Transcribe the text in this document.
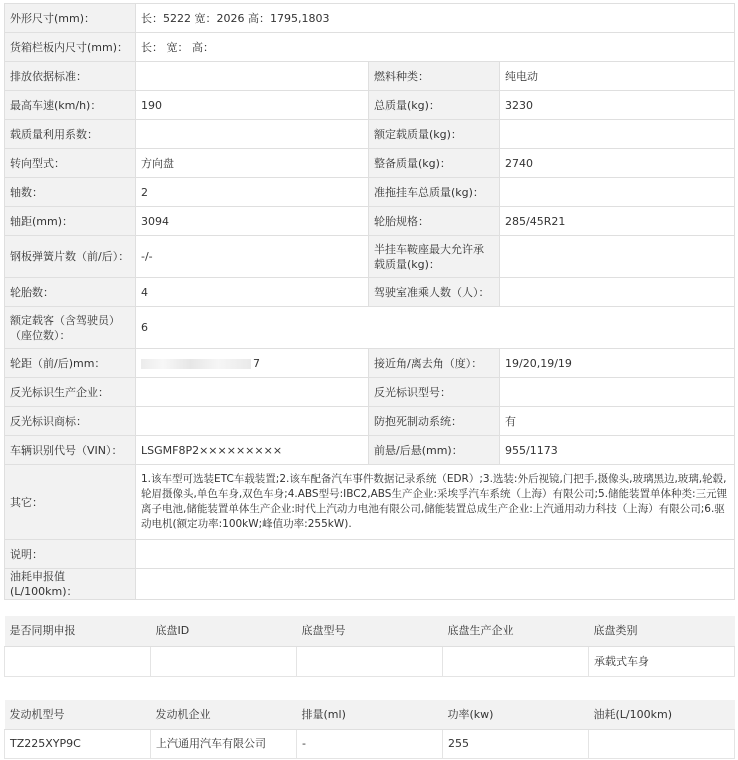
外形尺寸(mm)：	长：5222 宽：2026 高：1795,1803		
货箱栏板内尺寸(mm)：	长： 宽： 高：		
排放依据标准：		燃料种类：	纯电动
最高车速(km/h)：	190	总质量(kg)：	3230
载质量利用系数：		额定载质量(kg)：	
转向型式：	方向盘	整备质量(kg)：	2740
轴数：	2	准拖挂车总质量(kg)：	
轴距(mm)：	3094	轮胎规格：	285/45R21
钢板弹簧片数（前/后）：	-/-	半挂车鞍座最大允许承载质量(kg)：	
轮胎数：	4	驾驶室准乘人数（人）：	
额定载客（含驾驶员）（座位数）：	6		
轮距（前/后)mm：	7	接近角/离去角（度）：	19/20,19/19
反光标识生产企业：		反光标识型号：	
反光标识商标：		防抱死制动系统：	有
车辆识别代号（VIN）：	LSGMF8P2×××××××××	前悬/后悬(mm)：	955/1173
其它：	1.该车型可选装ETC车载装置;2.该车配备汽车事件数据记录系统（EDR）;3.选装:外后视镜,门把手,摄像头,玻璃黑边,玻璃,轮毂,轮眉摄像头,单色车身,双色车身;4.ABS型号:IBC2,ABS生产企业:采埃孚汽车系统（上海）有限公司;5.储能装置单体种类:三元锂离子电池,储能装置单体生产企业:时代上汽动力电池有限公司,储能装置总成生产企业:上汽通用动力科技（上海）有限公司;6.驱动电机(额定功率:100kW;峰值功率:255kW).		
说明：			
油耗申报值(L/100km)：			
是否同期申报	底盘ID	底盘型号	底盘生产企业	底盘类别
				承载式车身
发动机型号	发动机企业	排量(ml)	功率(kw)	油耗(L/100km)
TZ225XYP9C	上汽通用汽车有限公司	-	255	
